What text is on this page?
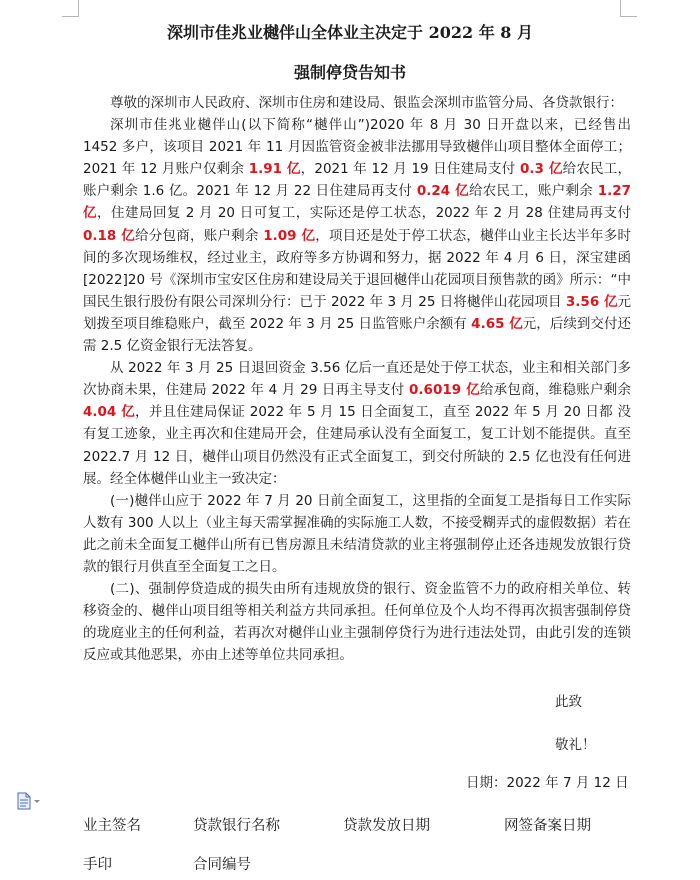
深圳市佳兆业樾伴山全体业主决定于 2022 年 8 月
强制停贷告知书

尊敬的深圳市人民政府、深圳市住房和建设局、银监会深圳市监管分局、各贷款银行：

深圳市佳兆业樾伴山(以下简称“樾伴山”)2020 年 8 月 30 日开盘以来，已经售出 1452 多户，该项目 2021 年 11 月因监管资金被非法挪用导致樾伴山项目整体全面停工；2021 年 12 月账户仅剩余 1.91 亿，2021 年 12 月 19 日住建局支付 0.3 亿给农民工，账户剩余 1.6 亿。2021 年 12 月 22 日住建局再支付 0.24 亿给农民工，账户剩余 1.27 亿，住建局回复 2 月 20 日可复工，实际还是停工状态，2022 年 2 月 28 住建局再支付 0.18 亿给分包商，账户剩余 1.09 亿，项目还是处于停工状态，樾伴山业主长达半年多时间的多次现场维权，经过业主，政府等多方协调和努力，据 2022 年 4 月 6 日，深宝建函[2022]20 号《深圳市宝安区住房和建设局关于退回樾伴山花园项目预售款的函》所示：“中国民生银行股份有限公司深圳分行：已于 2022 年 3 月 25 日将樾伴山花园项目 3.56 亿元划拨至项目维稳账户，截至 2022 年 3 月 25 日监管账户余额有 4.65 亿元，后续到交付还需 2.5 亿资金银行无法答复。

从 2022 年 3 月 25 日退回资金 3.56 亿后一直还是处于停工状态，业主和相关部门多次协商未果，住建局 2022 年 4 月 29 日再主导支付 0.6019 亿给承包商，维稳账户剩余 4.04 亿，并且住建局保证 2022 年 5 月 15 日全面复工，直至 2022 年 5 月 20 日都 没有复工迹象，业主再次和住建局开会，住建局承认没有全面复工，复工计划不能提供。直至 2022.7 月 12 日，樾伴山项目仍然没有正式全面复工，到交付所缺的 2.5 亿也没有任何进展。经全体樾伴山业主一致决定：

(一)樾伴山应于 2022 年 7 月 20 日前全面复工，这里指的全面复工是指每日工作实际人数有 300 人以上（业主每天需掌握准确的实际施工人数，不接受糊弄式的虚假数据）若在此之前未全面复工樾伴山所有已售房源且未结清贷款的业主将强制停止还各违规发放银行贷款的银行月供直至全面复工之日。

(二)、强制停贷造成的损失由所有违规放贷的银行、资金监管不力的政府相关单位、转移资金的、樾伴山项目组等相关利益方共同承担。任何单位及个人均不得再次损害强制停贷的珑庭业主的任何利益，若再次对樾伴山业主强制停贷行为进行违法处罚，由此引发的连锁反应或其他恶果，亦由上述等单位共同承担。

此致
敬礼！
日期：2022 年 7 月 12 日
业主签名	贷款银行名称	贷款发放日期	网签备案日期
手印	合同编号
